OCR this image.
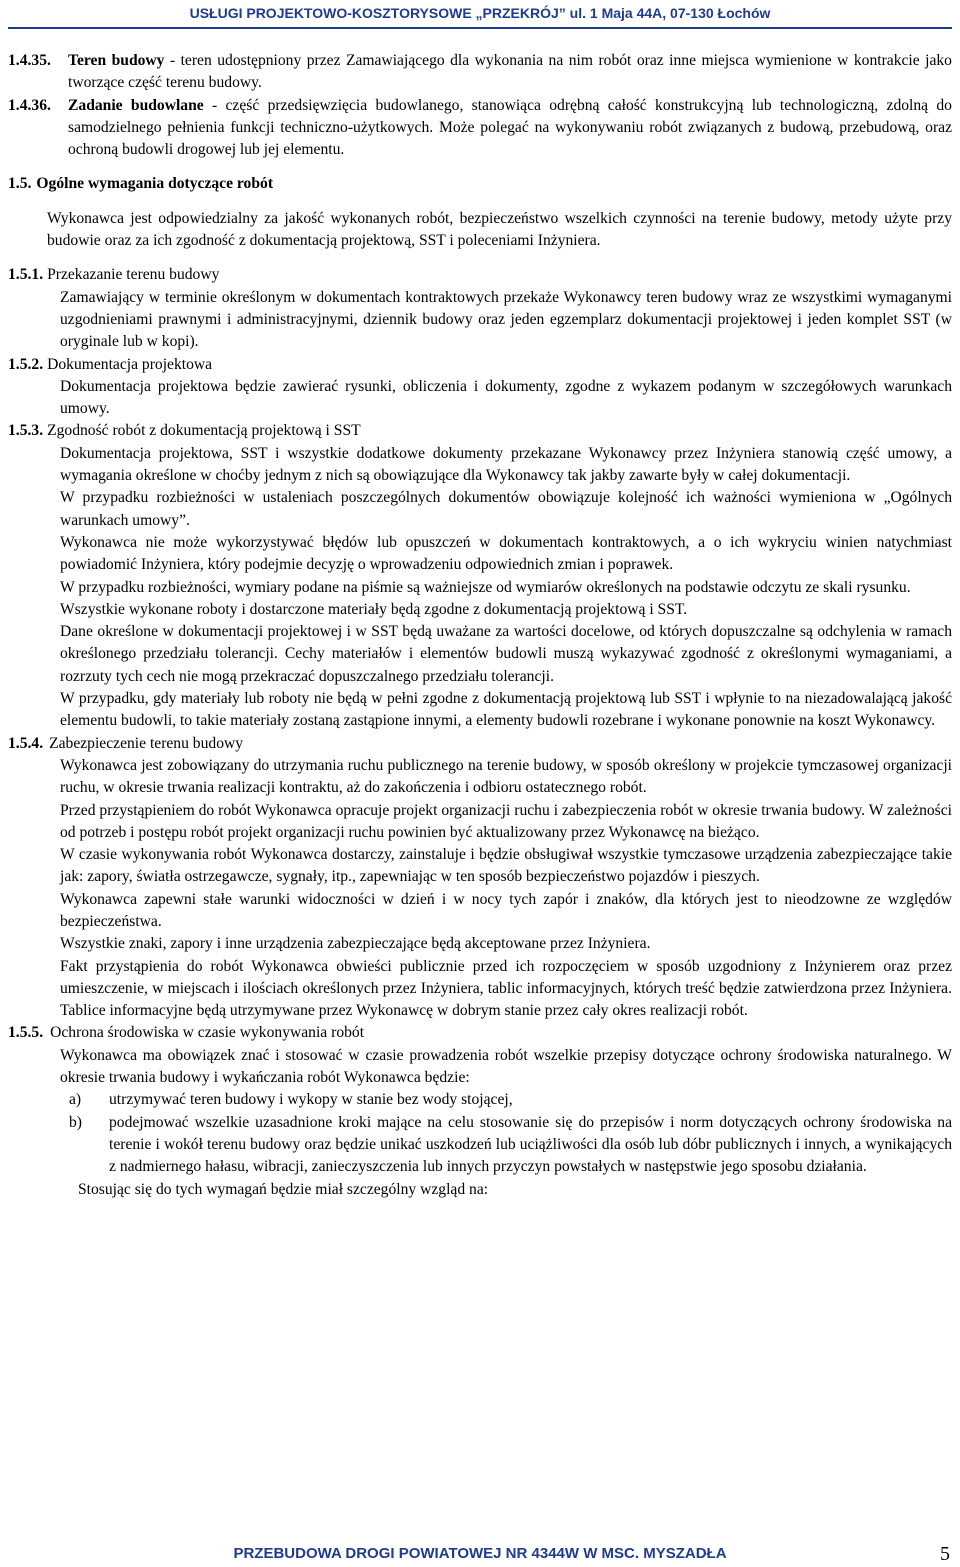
USŁUGI PROJEKTOWO-KOSZTORYSOWE „PRZEKRÓJ” ul. 1 Maja 44A, 07-130 Łochów
1.4.35.	Teren budowy - teren udostępniony przez Zamawiającego dla wykonania na nim robót oraz inne miejsca wymienione w kontrakcie jako tworzące część terenu budowy.
1.4.36.	Zadanie budowlane - część przedsięwzięcia budowlanego, stanowiąca odrębną całość konstrukcyjną lub technologiczną, zdolną do samodzielnego pełnienia funkcji techniczno-użytkowych. Może polegać na wykonywaniu robót związanych z budową, przebudową, oraz ochroną budowli drogowej lub jej elementu.
1.5. Ogólne wymagania dotyczące robót

Wykonawca jest odpowiedzialny za jakość wykonanych robót, bezpieczeństwo wszelkich czynności na terenie budowy, metody użyte przy budowie oraz za ich zgodność z dokumentacją projektową, SST i poleceniami Inżyniera.

1.5.1. Przekazanie terenu budowy

Zamawiający w terminie określonym w dokumentach kontraktowych przekaże Wykonawcy teren budowy wraz ze wszystkimi wymaganymi uzgodnieniami prawnymi i administracyjnymi, dziennik budowy oraz jeden egzemplarz dokumentacji projektowej i jeden komplet SST (w oryginale lub w kopi).

1.5.2. Dokumentacja projektowa

Dokumentacja projektowa będzie zawierać rysunki, obliczenia i dokumenty, zgodne z wykazem podanym w szczegółowych warunkach umowy.

1.5.3. Zgodność robót z dokumentacją projektową i SST

Dokumentacja projektowa, SST i wszystkie dodatkowe dokumenty przekazane Wykonawcy przez Inżyniera stanowią część umowy, a wymagania określone w choćby jednym z nich są obowiązujące dla Wykonawcy tak jakby zawarte były w całej dokumentacji.

W przypadku rozbieżności w ustaleniach poszczególnych dokumentów obowiązuje kolejność ich ważności wymieniona w „Ogólnych warunkach umowy”.

Wykonawca nie może wykorzystywać błędów lub opuszczeń w dokumentach kontraktowych, a o ich wykryciu winien natychmiast powiadomić Inżyniera, który podejmie decyzję o wprowadzeniu odpowiednich zmian i poprawek.

W przypadku rozbieżności, wymiary podane na piśmie są ważniejsze od wymiarów określonych na podstawie odczytu ze skali rysunku.

Wszystkie wykonane roboty i dostarczone materiały będą zgodne z dokumentacją projektową i SST.

Dane określone w dokumentacji projektowej i w SST będą uważane za wartości docelowe, od których dopuszczalne są odchylenia w ramach określonego przedziału tolerancji. Cechy materiałów i elementów budowli muszą wykazywać zgodność z określonymi wymaganiami, a rozrzuty tych cech nie mogą przekraczać dopuszczalnego przedziału tolerancji.

W przypadku, gdy materiały lub roboty nie będą w pełni zgodne z dokumentacją projektową lub SST i wpłynie to na niezadowalającą jakość elementu budowli, to takie materiały zostaną zastąpione innymi, a elementy budowli rozebrane i wykonane ponownie na koszt Wykonawcy.

1.5.4. Zabezpieczenie terenu budowy

Wykonawca jest zobowiązany do utrzymania ruchu publicznego na terenie budowy, w sposób określony w projekcie tymczasowej organizacji ruchu, w okresie trwania realizacji kontraktu, aż do zakończenia i odbioru ostatecznego robót.

Przed przystąpieniem do robót Wykonawca opracuje projekt organizacji ruchu i zabezpieczenia robót w okresie trwania budowy. W zależności od potrzeb i postępu robót projekt organizacji ruchu powinien być aktualizowany przez Wykonawcę na bieżąco.

W czasie wykonywania robót Wykonawca dostarczy, zainstaluje i będzie obsługiwał wszystkie tymczasowe urządzenia zabezpieczające takie jak: zapory, światła ostrzegawcze, sygnały, itp., zapewniając w ten sposób bezpieczeństwo pojazdów i pieszych.

Wykonawca zapewni stałe warunki widoczności w dzień i w nocy tych zapór i znaków, dla których jest to nieodzowne ze względów bezpieczeństwa.

Wszystkie znaki, zapory i inne urządzenia zabezpieczające będą akceptowane przez Inżyniera.

Fakt przystąpienia do robót Wykonawca obwieści publicznie przed ich rozpoczęciem w sposób uzgodniony z Inżynierem oraz przez umieszczenie, w miejscach i ilościach określonych przez Inżyniera, tablic informacyjnych, których treść będzie zatwierdzona przez Inżyniera. Tablice informacyjne będą utrzymywane przez Wykonawcę w dobrym stanie przez cały okres realizacji robót.

1.5.5. Ochrona środowiska w czasie wykonywania robót

Wykonawca ma obowiązek znać i stosować w czasie prowadzenia robót wszelkie przepisy dotyczące ochrony środowiska naturalnego. W okresie trwania budowy i wykańczania robót Wykonawca będzie:

a)	utrzymywać teren budowy i wykopy w stanie bez wody stojącej,
b)	podejmować wszelkie uzasadnione kroki mające na celu stosowanie się do przepisów i norm dotyczących ochrony środowiska na terenie i wokół terenu budowy oraz będzie unikać uszkodzeń lub uciążliwości dla osób lub dóbr publicznych i innych, a wynikających z nadmiernego hałasu, wibracji, zanieczyszczenia lub innych przyczyn powstałych w następstwie jego sposobu działania.

Stosując się do tych wymagań będzie miał szczególny wzgląd na:

PRZEBUDOWA DROGI POWIATOWEJ NR 4344W W MSC. MYSZADŁA	5
